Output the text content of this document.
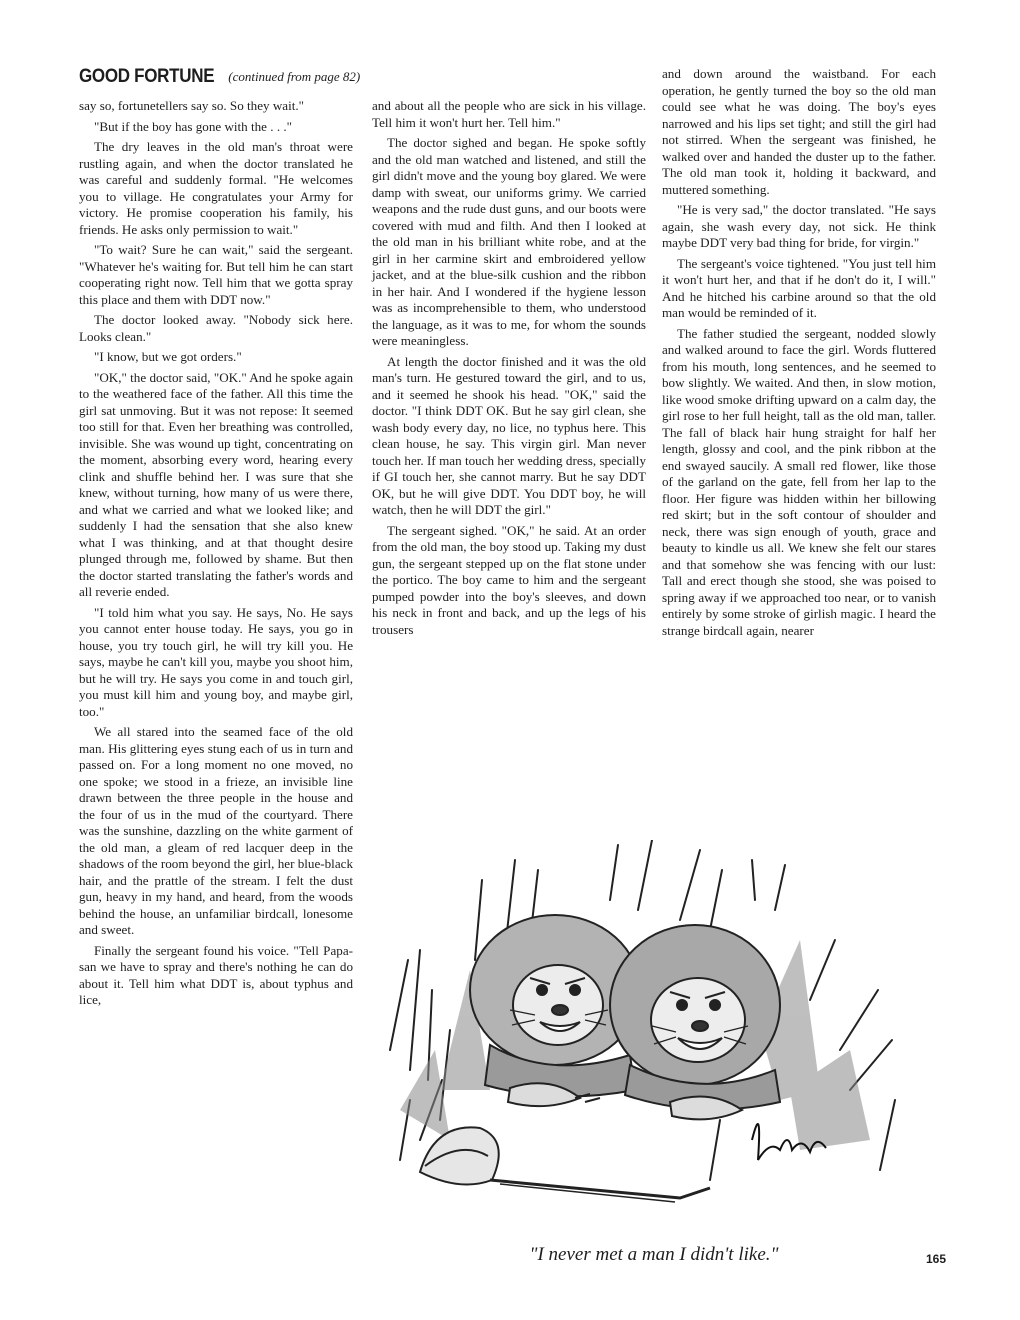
GOOD FORTUNE (continued from page 82)

say so, fortunetellers say so. So they wait."

"But if the boy has gone with the . . ."

The dry leaves in the old man's throat were rustling again, and when the doctor translated he was careful and suddenly formal. "He welcomes you to village. He congratulates your Army for victory. He promise cooperation his family, his friends. He asks only permission to wait."

"To wait? Sure he can wait," said the sergeant. "Whatever he's waiting for. But tell him he can start cooperating right now. Tell him that we gotta spray this place and them with DDT now."

The doctor looked away. "Nobody sick here. Looks clean."

"I know, but we got orders."

"OK," the doctor said, "OK." And he spoke again to the weathered face of the father. All this time the girl sat unmoving. But it was not repose: It seemed too still for that. Even her breathing was controlled, invisible. She was wound up tight, concentrating on the moment, absorbing every word, hearing every clink and shuffle behind her. I was sure that she knew, without turning, how many of us were there, and what we carried and what we looked like; and suddenly I had the sensation that she also knew what I was thinking, and at that thought desire plunged through me, followed by shame. But then the doctor started translating the father's words and all reverie ended.

"I told him what you say. He says, No. He says you cannot enter house today. He says, you go in house, you try touch girl, he will try kill you. He says, maybe he can't kill you, maybe you shoot him, but he will try. He says you come in and touch girl, you must kill him and young boy, and maybe girl, too."

We all stared into the seamed face of the old man. His glittering eyes stung each of us in turn and passed on. For a long moment no one moved, no one spoke; we stood in a frieze, an invisible line drawn between the three people in the house and the four of us in the mud of the courtyard. There was the sunshine, dazzling on the white garment of the old man, a gleam of red lacquer deep in the shadows of the room beyond the girl, her blue-black hair, and the prattle of the stream. I felt the dust gun, heavy in my hand, and heard, from the woods behind the house, an unfamiliar birdcall, lonesome and sweet.

Finally the sergeant found his voice. "Tell Papa-san we have to spray and there's nothing he can do about it. Tell him what DDT is, about typhus and lice,

and about all the people who are sick in his village. Tell him it won't hurt her. Tell him."

The doctor sighed and began. He spoke softly and the old man watched and listened, and still the girl didn't move and the young boy glared. We were damp with sweat, our uniforms grimy. We carried weapons and the rude dust guns, and our boots were covered with mud and filth. And then I looked at the old man in his brilliant white robe, and at the girl in her carmine skirt and embroidered yellow jacket, and at the blue-silk cushion and the ribbon in her hair. And I wondered if the hygiene lesson was as incomprehensible to them, who understood the language, as it was to me, for whom the sounds were meaningless.

At length the doctor finished and it was the old man's turn. He gestured toward the girl, and to us, and it seemed he shook his head. "OK," said the doctor. "I think DDT OK. But he say girl clean, she wash body every day, no lice, no typhus here. This clean house, he say. This virgin girl. Man never touch her. If man touch her wedding dress, specially if GI touch her, she cannot marry. But he say DDT OK, but he will give DDT. You DDT boy, he will watch, then he will DDT the girl."

The sergeant sighed. "OK," he said. At an order from the old man, the boy stood up. Taking my dust gun, the sergeant stepped up on the flat stone under the portico. The boy came to him and the sergeant pumped powder into the boy's sleeves, and down his neck in front and back, and up the legs of his trousers

and down around the waistband. For each operation, he gently turned the boy so the old man could see what he was doing. The boy's eyes narrowed and his lips set tight; and still the girl had not stirred. When the sergeant was finished, he walked over and handed the duster up to the father. The old man took it, holding it backward, and muttered something.

"He is very sad," the doctor translated. "He says again, she wash every day, not sick. He think maybe DDT very bad thing for bride, for virgin."

The sergeant's voice tightened. "You just tell him it won't hurt her, and that if he don't do it, I will." And he hitched his carbine around so that the old man would be reminded of it.

The father studied the sergeant, nodded slowly and walked around to face the girl. Words fluttered from his mouth, long sentences, and he seemed to bow slightly. We waited. And then, in slow motion, like wood smoke drifting upward on a calm day, the girl rose to her full height, tall as the old man, taller. The fall of black hair hung straight for half her length, glossy and cool, and the pink ribbon at the end swayed saucily. A small red flower, like those of the garland on the gate, fell from her lap to the floor. Her figure was hidden within her billowing red skirt; but in the soft contour of shoulder and neck, there was sign enough of youth, grace and beauty to kindle us all. We knew she felt our stares and that somehow she was fencing with our lust: Tall and erect though she stood, she was poised to spring away if we approached too near, or to vanish entirely by some stroke of girlish magic. I heard the strange birdcall again, nearer

"I never met a man I didn't like."	165
